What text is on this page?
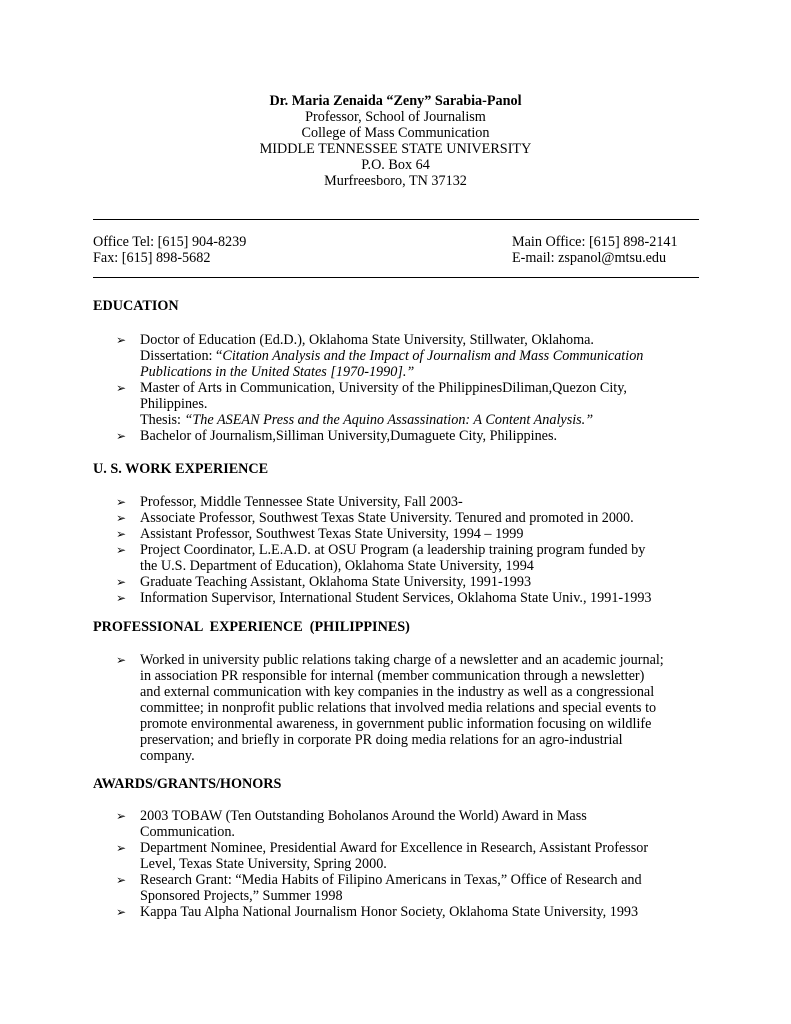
Dr. Maria Zenaida “Zeny” Sarabia-Panol
Professor, School of Journalism
College of Mass Communication
MIDDLE TENNESSEE STATE UNIVERSITY
P.O. Box 64
Murfreesboro, TN 37132
Office Tel: [615] 904-8239
Fax: [615] 898-5682
Main Office: [615] 898-2141
E-mail: zspanol@mtsu.edu
EDUCATION
➢ Doctor of Education (Ed.D.), Oklahoma State University, Stillwater, Oklahoma.
Dissertation: “Citation Analysis and the Impact of Journalism and Mass Communication
Publications in the United States [1970-1990].”
➢ Master of Arts in Communication, University of the PhilippinesDiliman,Quezon City,
Philippines.
Thesis: “The ASEAN Press and the Aquino Assassination: A Content Analysis.”
➢ Bachelor of Journalism,Silliman University,Dumaguete City, Philippines.
U. S. WORK EXPERIENCE
➢ Professor, Middle Tennessee State University, Fall 2003-
➢ Associate Professor, Southwest Texas State University. Tenured and promoted in 2000.
➢ Assistant Professor, Southwest Texas State University, 1994 – 1999
➢ Project Coordinator, L.E.A.D. at OSU Program (a leadership training program funded by
the U.S. Department of Education), Oklahoma State University, 1994
➢ Graduate Teaching Assistant, Oklahoma State University, 1991-1993
➢ Information Supervisor, International Student Services, Oklahoma State Univ., 1991-1993
PROFESSIONAL  EXPERIENCE  (PHILIPPINES)
➢ Worked in university public relations taking charge of a newsletter and an academic journal;
in association PR responsible for internal (member communication through a newsletter)
and external communication with key companies in the industry as well as a congressional
committee; in nonprofit public relations that involved media relations and special events to
promote environmental awareness, in government public information focusing on wildlife
preservation; and briefly in corporate PR doing media relations for an agro-industrial
company.
AWARDS/GRANTS/HONORS
➢ 2003 TOBAW (Ten Outstanding Boholanos Around the World) Award in Mass
Communication.
➢ Department Nominee, Presidential Award for Excellence in Research, Assistant Professor
Level, Texas State University, Spring 2000.
➢ Research Grant: “Media Habits of Filipino Americans in Texas,” Office of Research and
Sponsored Projects,” Summer 1998
➢ Kappa Tau Alpha National Journalism Honor Society, Oklahoma State University, 1993
